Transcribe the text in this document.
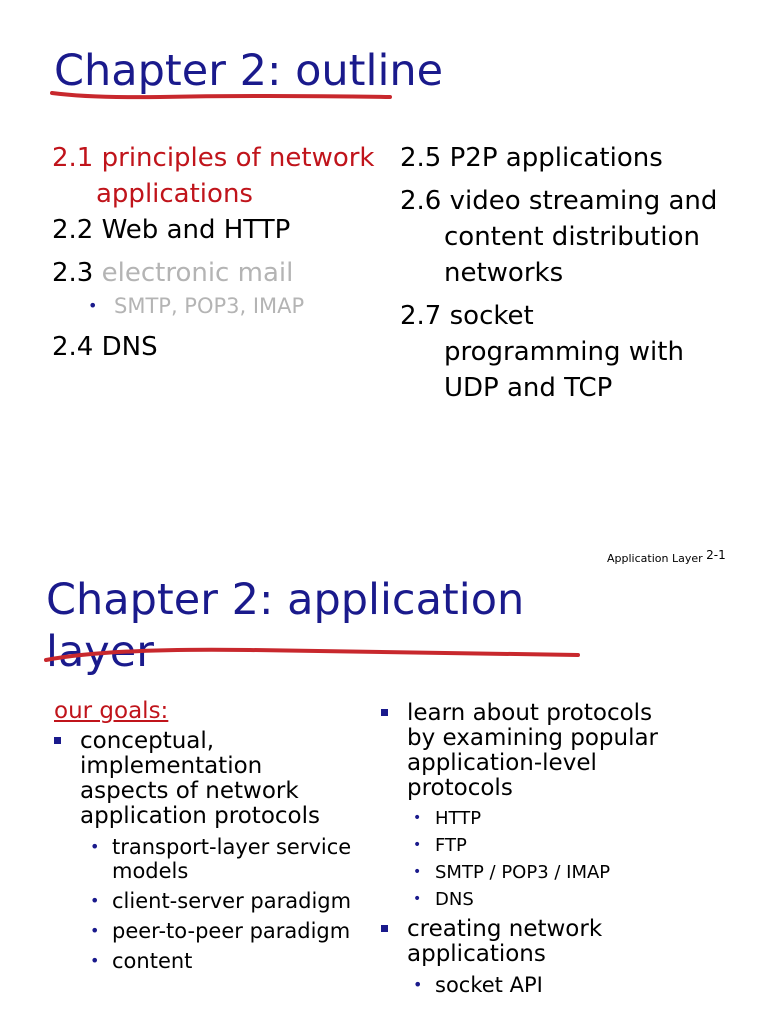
Chapter 2: outline
2.1 principles of network applications
2.2 Web and HTTP
2.3 electronic mail
• SMTP, POP3, IMAP
2.4 DNS
2.5 P2P applications
2.6 video streaming and content distribution networks
2.7 socket programming with UDP and TCP
Application Layer 2-1
Chapter 2: application
layer
our goals:
conceptual, implementation aspects of network application protocols
• transport-layer service models
• client-server paradigm
• peer-to-peer paradigm
• content
learn about protocols by examining popular application-level protocols
• HTTP
• FTP
• SMTP / POP3 / IMAP
• DNS
creating network applications
• socket API
